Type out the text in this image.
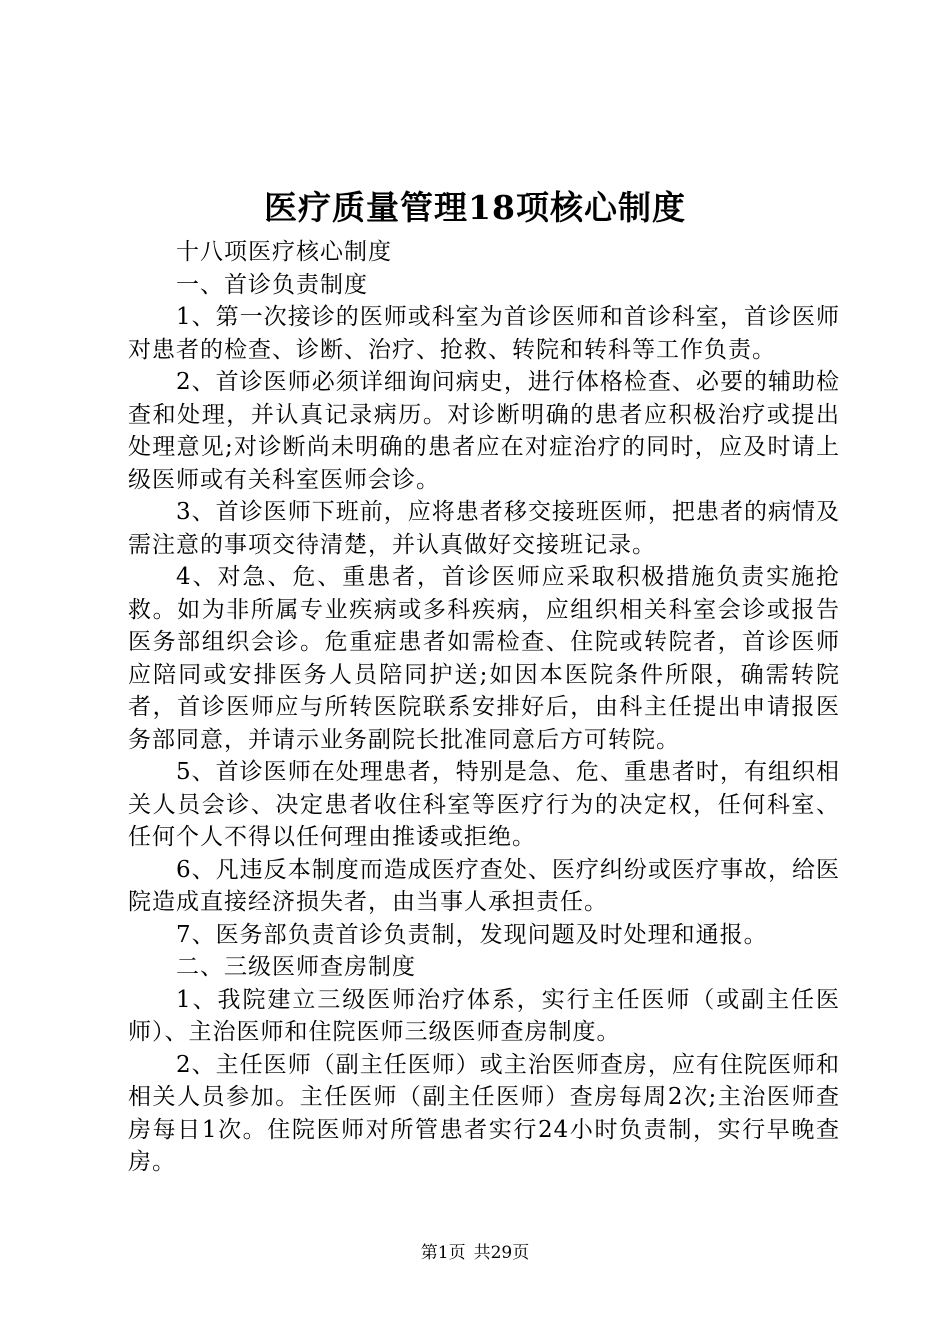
医疗质量管理18项核心制度

十八项医疗核心制度

一、首诊负责制度

1、第一次接诊的医师或科室为首诊医师和首诊科室，首诊医师对患者的检查、诊断、治疗、抢救、转院和转科等工作负责。

2、首诊医师必须详细询问病史，进行体格检查、必要的辅助检查和处理，并认真记录病历。对诊断明确的患者应积极治疗或提出处理意见;对诊断尚未明确的患者应在对症治疗的同时，应及时请上级医师或有关科室医师会诊。

3、首诊医师下班前，应将患者移交接班医师，把患者的病情及需注意的事项交待清楚，并认真做好交接班记录。

4、对急、危、重患者，首诊医师应采取积极措施负责实施抢救。如为非所属专业疾病或多科疾病，应组织相关科室会诊或报告医务部组织会诊。危重症患者如需检查、住院或转院者，首诊医师应陪同或安排医务人员陪同护送;如因本医院条件所限，确需转院者，首诊医师应与所转医院联系安排好后，由科主任提出申请报医务部同意，并请示业务副院长批准同意后方可转院。

5、首诊医师在处理患者，特别是急、危、重患者时，有组织相关人员会诊、决定患者收住科室等医疗行为的决定权，任何科室、任何个人不得以任何理由推诿或拒绝。

6、凡违反本制度而造成医疗查处、医疗纠纷或医疗事故，给医院造成直接经济损失者，由当事人承担责任。

7、医务部负责首诊负责制，发现问题及时处理和通报。

二、三级医师查房制度

1、我院建立三级医师治疗体系，实行主任医师（或副主任医师）、主治医师和住院医师三级医师查房制度。

2、主任医师（副主任医师）或主治医师查房，应有住院医师和相关人员参加。主任医师（副主任医师）查房每周2次;主治医师查房每日1次。住院医师对所管患者实行24小时负责制，实行早晚查房。

第1页 共29页
